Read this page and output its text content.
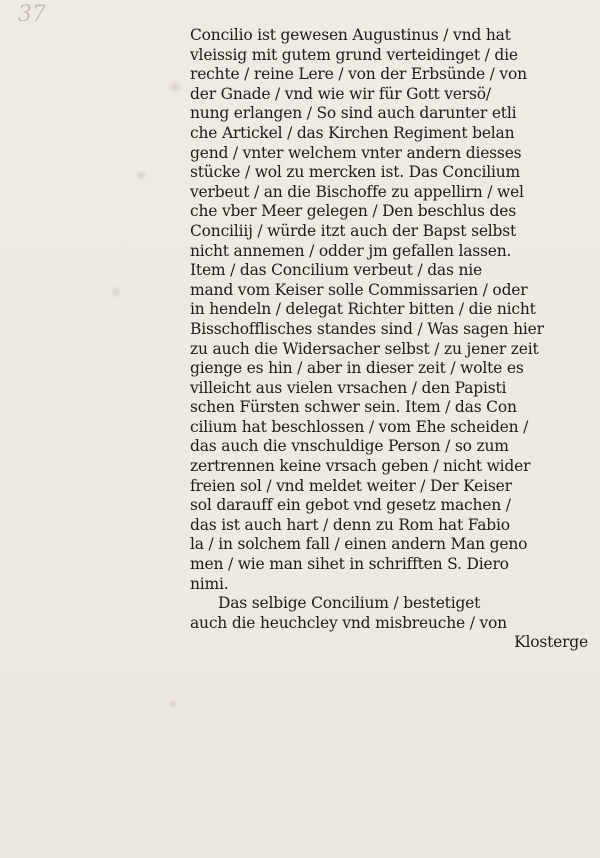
37
Concilio ist gewesen Augustinus / vnd hat
vleissig mit gutem grund verteidinget / die
rechte / reine Lere / von der Erbsünde / von
der Gnade / vnd wie wir für Gott versö/
nung erlangen / So sind auch darunter etli
che Artickel / das Kirchen Regiment belan
gend / vnter welchem vnter andern diesses
stücke / wol zu mercken ist. Das Concilium
verbeut / an die Bischoffe zu appellirn / wel
che vber Meer gelegen / Den beschlus des
Conciliij / würde itzt auch der Bapst selbst
nicht annemen / odder jm gefallen lassen.
Item / das Concilium verbeut / das nie
mand vom Keiser solle Commissarien / oder
in hendeln / delegat Richter bitten / die nicht
Bisschofflisches standes sind / Was sagen hier
zu auch die Widersacher selbst / zu jener zeit
gienge es hin / aber in dieser zeit / wolte es
villeicht aus vielen vrsachen / den Papisti
schen Fürsten schwer sein. Item / das Con
cilium hat beschlossen / vom Ehe scheiden /
das auch die vnschuldige Person / so zum
zertrennen keine vrsach geben / nicht wider
freien sol / vnd meldet weiter / Der Keiser
sol darauff ein gebot vnd gesetz machen /
das ist auch hart / denn zu Rom hat Fabio
la / in solchem fall / einen andern Man geno
men / wie man sihet in schrifften S. Diero
nimi.
Das selbige Concilium / bestetiget
auch die heuchcley vnd misbreuche / von
Klosterge
